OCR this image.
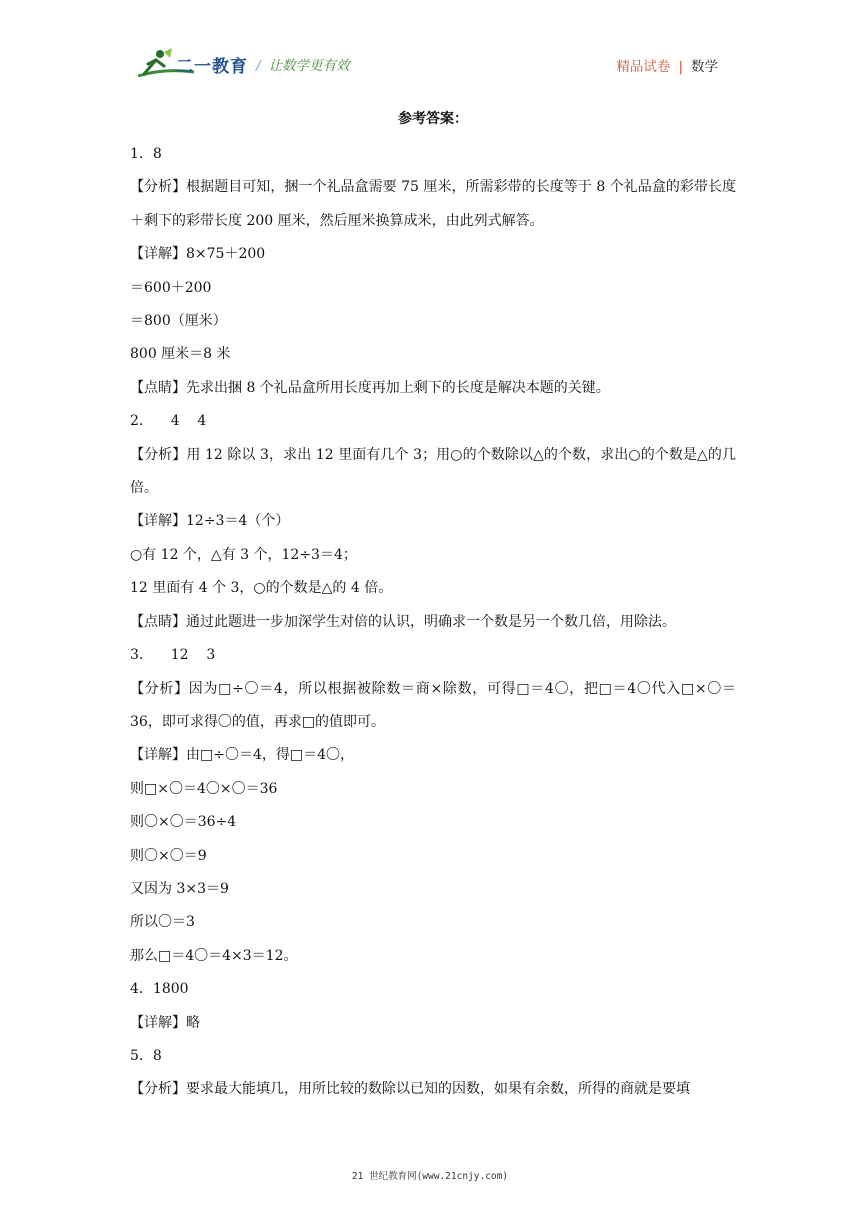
二一教育 / 让数学更有效	精品试卷 | 数学
参考答案：
1．8
【分析】根据题目可知，捆一个礼品盒需要 75 厘米，所需彩带的长度等于 8 个礼品盒的彩带长度＋剩下的彩带长度 200 厘米，然后厘米换算成米，由此列式解答。
【详解】8×75＋200
＝600＋200
＝800（厘米）
800 厘米＝8 米
【点睛】先求出捆 8 个礼品盒所用长度再加上剩下的长度是解决本题的关键。
2．    4    4
【分析】用 12 除以 3，求出 12 里面有几个 3；用○的个数除以△的个数，求出○的个数是△的几倍。
【详解】12÷3＝4（个）
○有 12 个，△有 3 个，12÷3＝4；
12 里面有 4 个 3，○的个数是△的 4 倍。
【点睛】通过此题进一步加深学生对倍的认识，明确求一个数是另一个数几倍，用除法。
3．    12    3
【分析】因为□÷〇＝4，所以根据被除数＝商×除数，可得□＝4〇，把□＝4〇代入□×〇＝36，即可求得〇的值，再求□的值即可。
【详解】由□÷〇＝4，得□＝4〇，
则□×〇＝4〇×〇＝36
则〇×〇＝36÷4
则〇×〇＝9
又因为 3×3＝9
所以〇＝3
那么□＝4〇＝4×3＝12。
4．1800
【详解】略
5．8
【分析】要求最大能填几，用所比较的数除以已知的因数，如果有余数，所得的商就是要填
21 世纪教育网(www.21cnjy.com)
